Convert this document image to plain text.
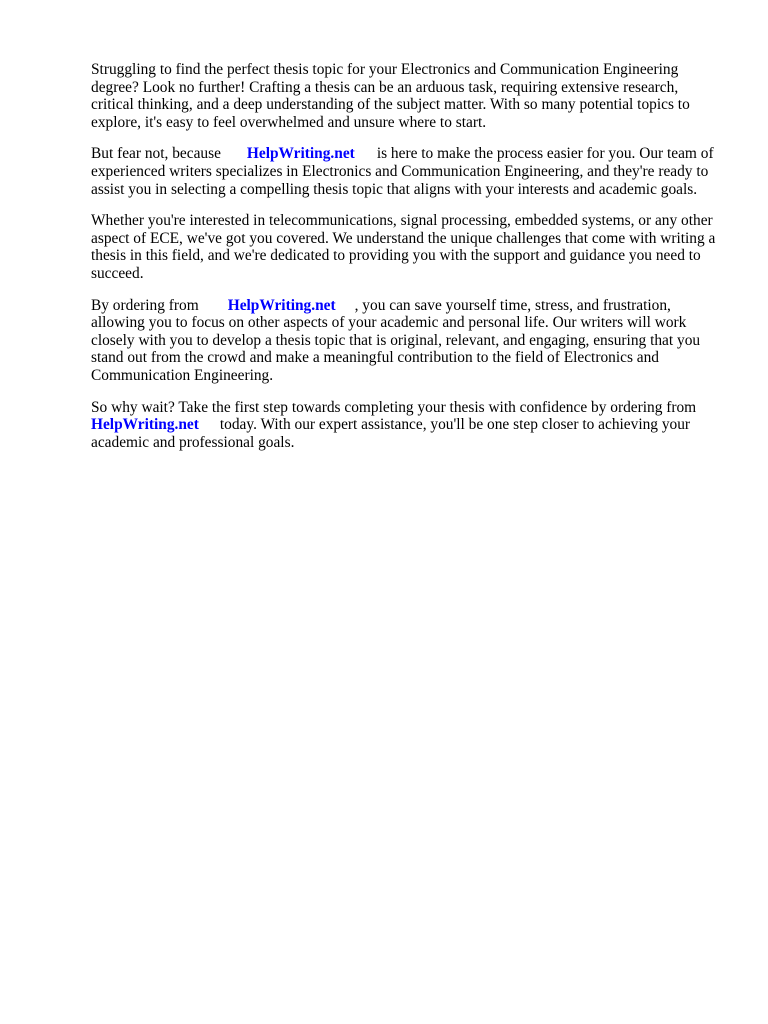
Struggling to find the perfect thesis topic for your Electronics and Communication Engineering
degree? Look no further! Crafting a thesis can be an arduous task, requiring extensive research,
critical thinking, and a deep understanding of the subject matter. With so many potential topics to
explore, it's easy to feel overwhelmed and unsure where to start.

But fear not, because HelpWriting.net is here to make the process easier for you. Our team of
experienced writers specializes in Electronics and Communication Engineering, and they're ready to
assist you in selecting a compelling thesis topic that aligns with your interests and academic goals.

Whether you're interested in telecommunications, signal processing, embedded systems, or any other
aspect of ECE, we've got you covered. We understand the unique challenges that come with writing a
thesis in this field, and we're dedicated to providing you with the support and guidance you need to
succeed.

By ordering from HelpWriting.net , you can save yourself time, stress, and frustration,
allowing you to focus on other aspects of your academic and personal life. Our writers will work
closely with you to develop a thesis topic that is original, relevant, and engaging, ensuring that you
stand out from the crowd and make a meaningful contribution to the field of Electronics and
Communication Engineering.

So why wait? Take the first step towards completing your thesis with confidence by ordering from
HelpWriting.net today. With our expert assistance, you'll be one step closer to achieving your
academic and professional goals.
